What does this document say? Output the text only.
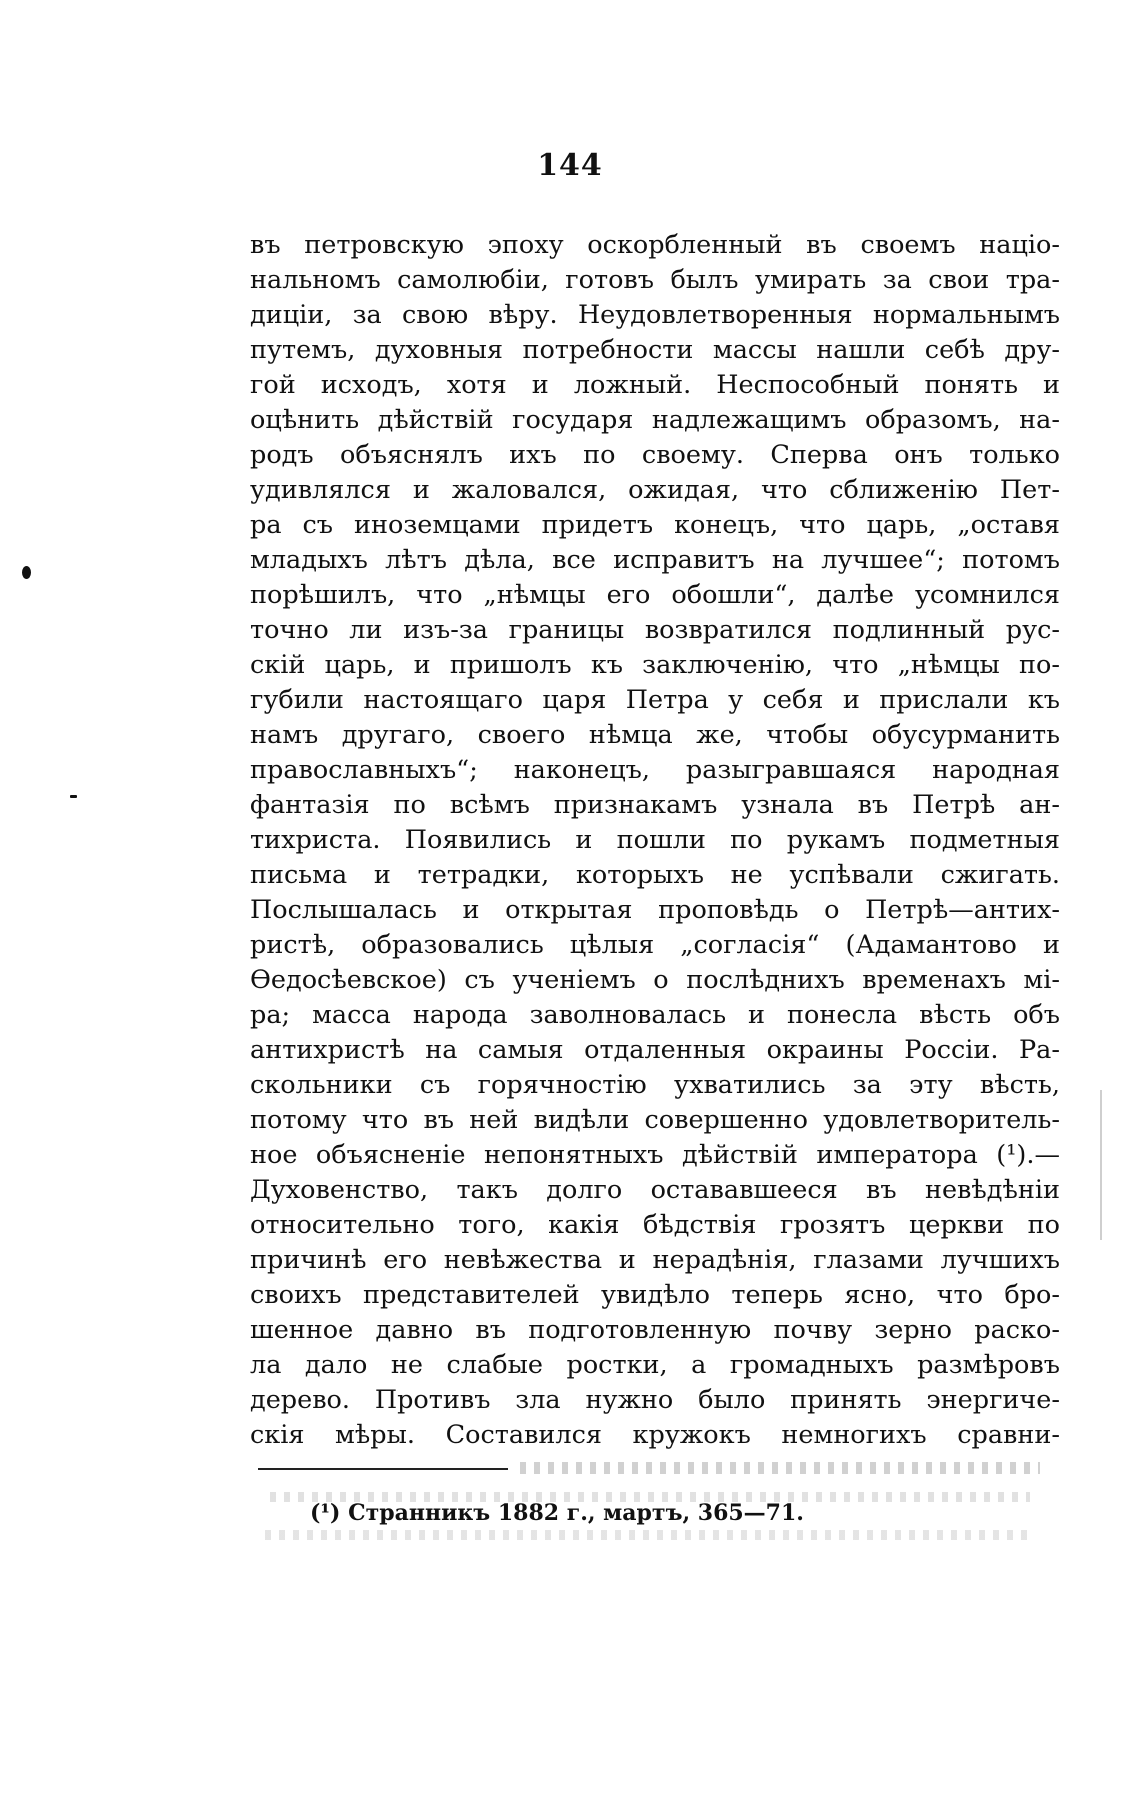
144
въ петровскую эпоху оскорбленный въ своемъ націо-
нальномъ самолюбіи, готовъ былъ умирать за свои тра-
диціи, за свою вѣру. Неудовлетворенныя нормальнымъ
путемъ, духовныя потребности массы нашли себѣ дру-
гой исходъ, хотя и ложный. Неспособный понять и
оцѣнить дѣйствій государя надлежащимъ образомъ, на-
родъ объяснялъ ихъ по своему. Сперва онъ только
удивлялся и жаловался, ожидая, что сближенію Пет-
ра съ иноземцами придетъ конецъ, что царь, „оставя
младыхъ лѣтъ дѣла, все исправитъ на лучшее“; потомъ
порѣшилъ, что „нѣмцы его обошли“, далѣе усомнился
точно ли изъ-за границы возвратился подлинный рус-
скій царь, и пришолъ къ заключенію, что „нѣмцы по-
губили настоящаго царя Петра у себя и прислали къ
намъ другаго, своего нѣмца же, чтобы обусурманить
православныхъ“; наконецъ, разыгравшаяся народная
фантазія по всѣмъ признакамъ узнала въ Петрѣ ан-
тихриста. Появились и пошли по рукамъ подметныя
письма и тетрадки, которыхъ не успѣвали сжигать.
Послышалась и открытая проповѣдь о Петрѣ—антих-
ристѣ, образовались цѣлыя „согласія“ (Адамантово и
Ѳедосѣевское) съ ученіемъ о послѣднихъ временахъ мі-
ра; масса народа заволновалась и понесла вѣсть объ
антихристѣ на самыя отдаленныя окраины Россіи. Ра-
скольники съ горячностію ухватились за эту вѣсть,
потому что въ ней видѣли совершенно удовлетворитель-
ное объясненіе непонятныхъ дѣйствій императора (¹).—
Духовенство, такъ долго остававшееся въ невѣдѣніи
относительно того, какія бѣдствія грозятъ церкви по
причинѣ его невѣжества и нерадѣнія, глазами лучшихъ
своихъ представителей увидѣло теперь ясно, что бро-
шенное давно въ подготовленную почву зерно раско-
ла дало не слабые ростки, а громадныхъ размѣровъ
дерево. Противъ зла нужно было принять энергиче-
скія мѣры. Составился кружокъ немногихъ сравни-
(¹) Странникъ 1882 г., мартъ, 365—71.
